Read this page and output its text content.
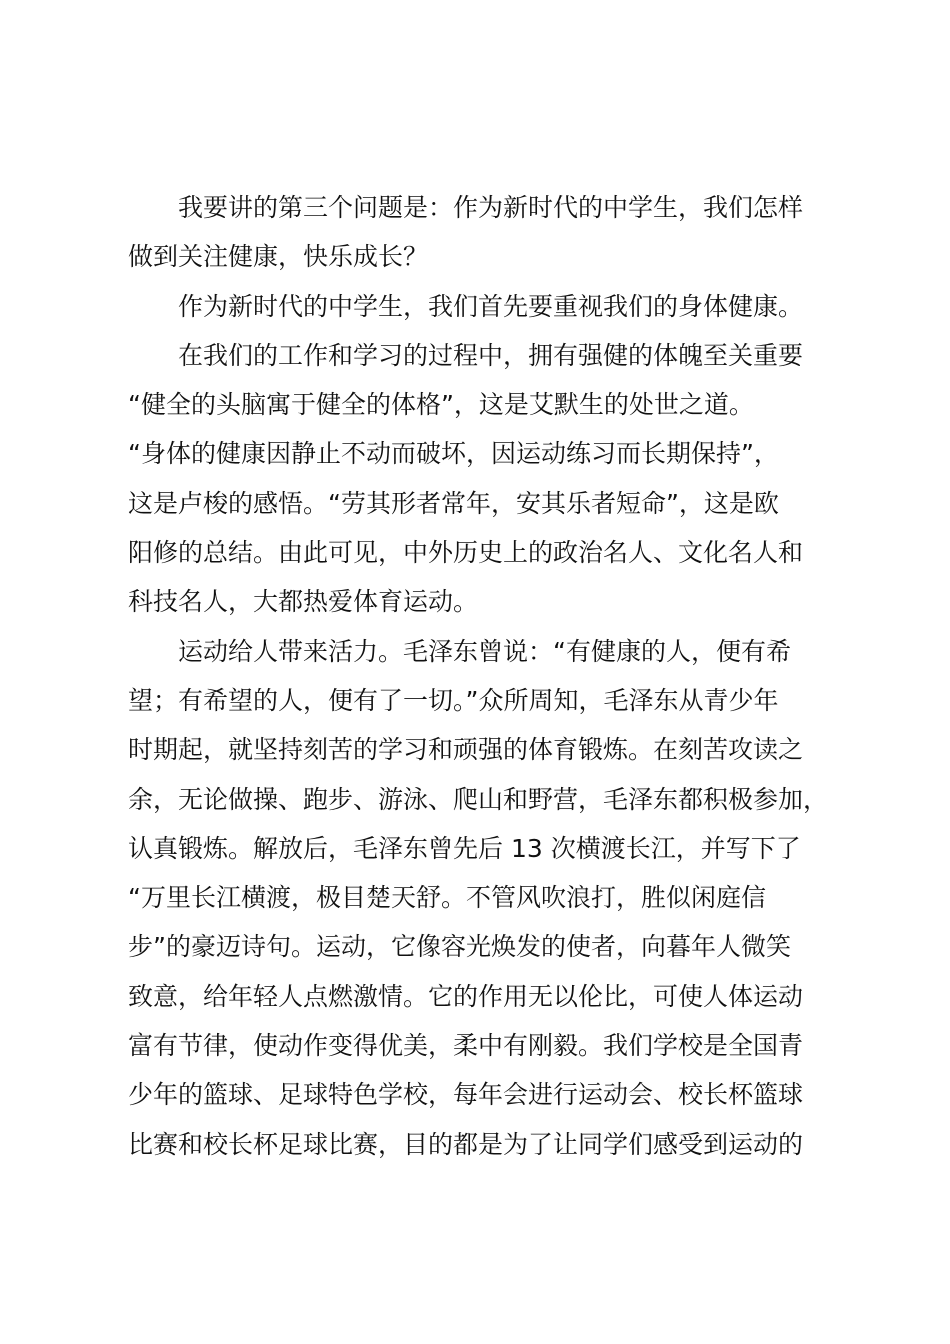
我要讲的第三个问题是：作为新时代的中学生，我们怎样
做到关注健康，快乐成长？
作为新时代的中学生，我们首先要重视我们的身体健康。
在我们的工作和学习的过程中，拥有强健的体魄至关重要
“健全的头脑寓于健全的体格”，这是艾默生的处世之道。
“身体的健康因静止不动而破坏，因运动练习而长期保持”，
这是卢梭的感悟。“劳其形者常年，安其乐者短命”，这是欧
阳修的总结。由此可见，中外历史上的政治名人、文化名人和
科技名人，大都热爱体育运动。
运动给人带来活力。毛泽东曾说：“有健康的人，便有希
望；有希望的人，便有了一切。”众所周知，毛泽东从青少年
时期起，就坚持刻苦的学习和顽强的体育锻炼。在刻苦攻读之
余，无论做操、跑步、游泳、爬山和野营，毛泽东都积极参加，
认真锻炼。解放后，毛泽东曾先后 13 次横渡长江，并写下了
“万里长江横渡，极目楚天舒。不管风吹浪打，胜似闲庭信
步”的豪迈诗句。运动，它像容光焕发的使者，向暮年人微笑
致意，给年轻人点燃激情。它的作用无以伦比，可使人体运动
富有节律，使动作变得优美，柔中有刚毅。我们学校是全国青
少年的篮球、足球特色学校，每年会进行运动会、校长杯篮球
比赛和校长杯足球比赛，目的都是为了让同学们感受到运动的
